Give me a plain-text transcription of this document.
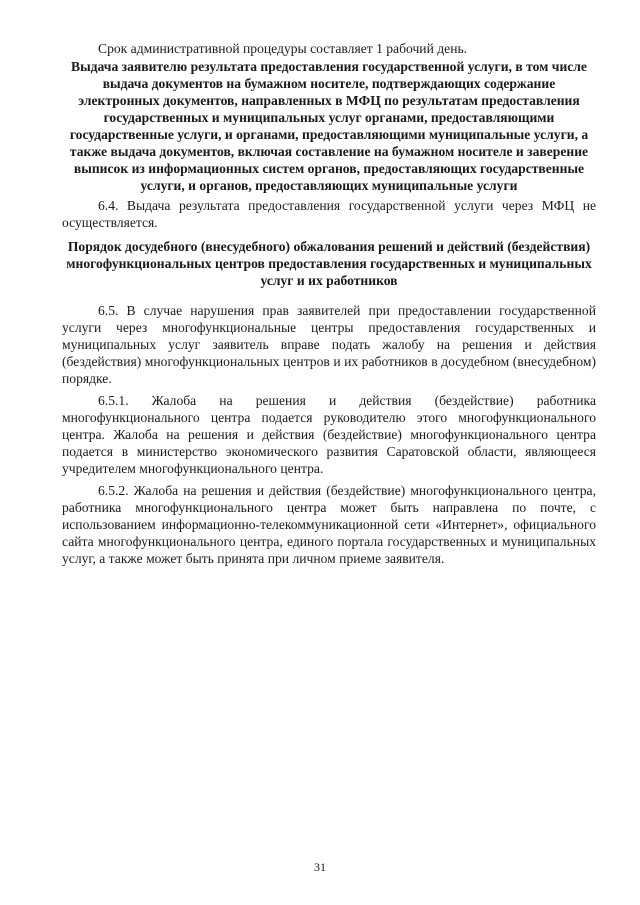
Срок административной процедуры составляет 1 рабочий день.

Выдача заявителю результата предоставления государственной услуги, в том числе выдача документов на бумажном носителе, подтверждающих содержание электронных документов, направленных в МФЦ по результатам предоставления государственных и муниципальных услуг органами, предоставляющими государственные услуги, и органами, предоставляющими муниципальные услуги, а также выдача документов, включая составление на бумажном носителе и заверение выписок из информационных систем органов, предоставляющих государственные услуги, и органов, предоставляющих муниципальные услуги

6.4. Выдача результата предоставления государственной услуги через МФЦ не осуществляется.

Порядок досудебного (внесудебного) обжалования решений и действий (бездействия) многофункциональных центров предоставления государственных и муниципальных услуг и их работников

6.5. В случае нарушения прав заявителей при предоставлении государственной услуги через многофункциональные центры предоставления государственных и муниципальных услуг заявитель вправе подать жалобу на решения и действия (бездействия) многофункциональных центров и их работников в досудебном (внесудебном) порядке.

6.5.1. Жалоба на решения и действия (бездействие) работника многофункционального центра подается руководителю этого многофункционального центра. Жалоба на решения и действия (бездействие) многофункционального центра подается в министерство экономического развития Саратовской области, являющееся учредителем многофункционального центра.

6.5.2. Жалоба на решения и действия (бездействие) многофункционального центра, работника многофункционального центра может быть направлена по почте, с использованием информационно-телекоммуникационной сети «Интернет», официального сайта многофункционального центра, единого портала государственных и муниципальных услуг, а также может быть принята при личном приеме заявителя.

31
